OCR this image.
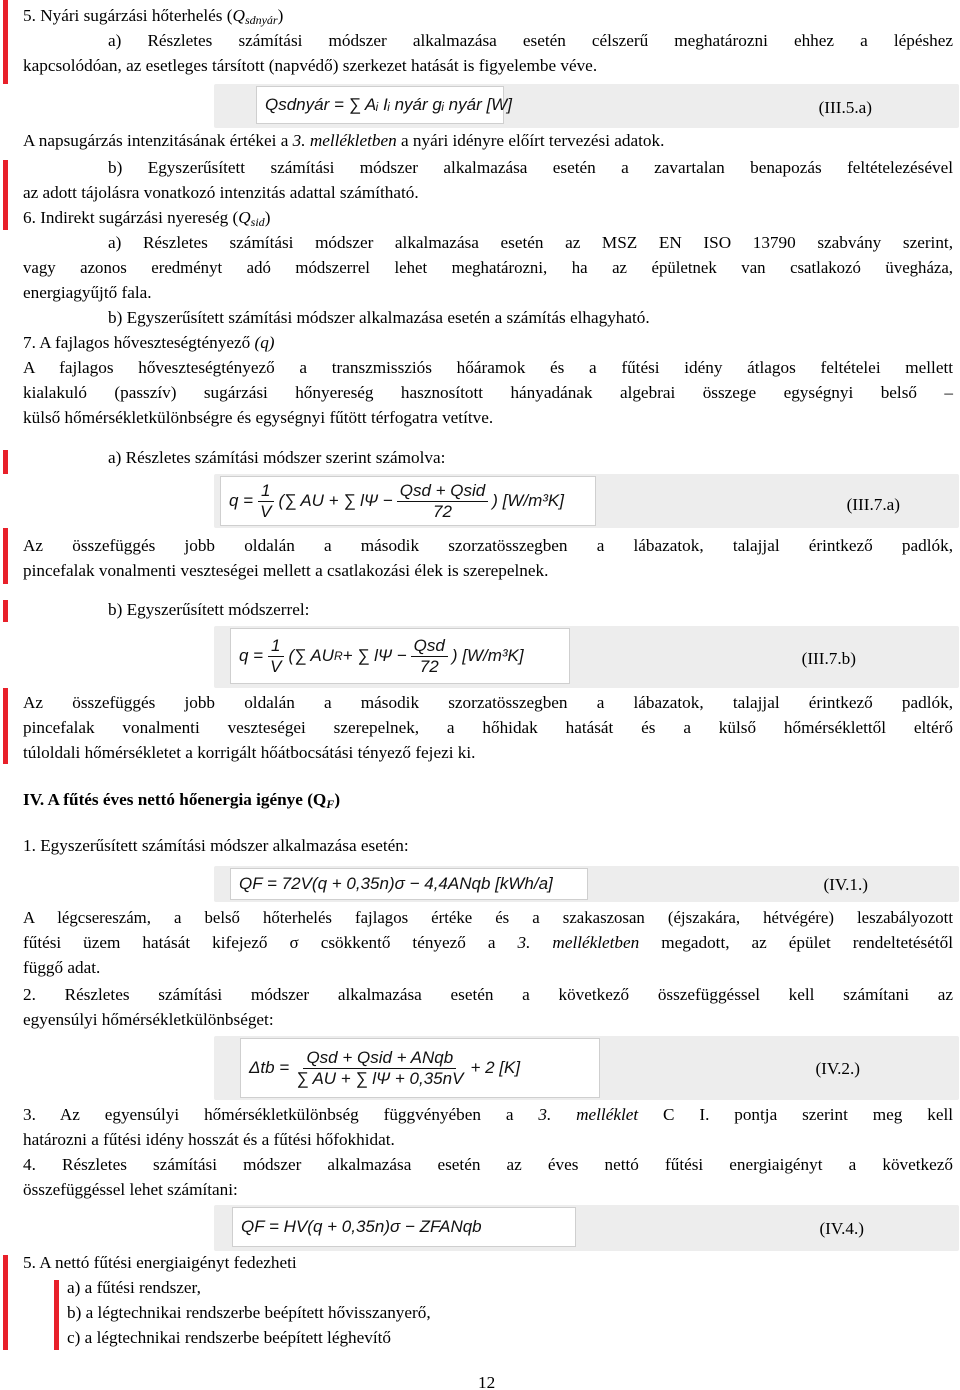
5. Nyári sugárzási hőterhelés $(Q_{sdnyár})$
a) Részletes számítási módszer alkalmazása esetén célszerű meghatározni ehhez a lépéshez
kapcsolódóan, az esetleges társított (napvédő) szerkezet hatását is figyelembe véve.
Qsdnyár = ∑ Aᵢ Iᵢ nyár gᵢ nyár [W]	(III.5.a)
A napsugárzás intenzitásának értékei a 3. mellékletben a nyári idényre előírt tervezési adatok.
b) Egyszerűsített számítási módszer alkalmazása esetén a zavartalan benapozás feltételezésével
az adott tájolásra vonatkozó intenzitás adattal számítható.
6. Indirekt sugárzási nyereség $(Q_{sid})$
a) Részletes számítási módszer alkalmazása esetén az MSZ EN ISO 13790 szabvány szerint,
vagy azonos eredményt adó módszerrel lehet meghatározni, ha az épületnek van csatlakozó üvegháza,
energiagyűjtő fala.
b) Egyszerűsített számítási módszer alkalmazása esetén a számítás elhagyható.
7. A fajlagos hőveszteségtényező (q)
A fajlagos hőveszteségtényező a transzmissziós hőáramok és a fűtési idény átlagos feltételei mellett
kialakuló (passzív) sugárzási hőnyereség hasznosított hányadának algebrai összege egységnyi belső –
külső hőmérsékletkülönbségre és egységnyi fűtött térfogatra vetítve.
a) Részletes számítási módszer szerint számolva:
$q = \frac{1}{V}$ (∑ AU + ∑ $l\Psi - \frac{\text{Qsd + Qsid}}{72}$ ) [W/m³K]	(III.7.a)
Az összefüggés jobb oldalán a második szorzatösszegben a lábazatok, talajjal érintkező padlók,
pincefalak vonalmenti veszteségei mellett a csatlakozási élek is szerepelnek.
b) Egyszerűsített módszerrel:
$q = \frac{1}{V}$ (∑ AU R + ∑ $l\Psi - \frac{\text{Qsd}}{72}$ ) [W/m³K]	(III.7.b)
Az összefüggés jobb oldalán a második szorzatösszegben a lábazatok, talajjal érintkező padlók,
pincefalak vonalmenti veszteségei szerepelnek, a hőhidak hatását és a külső hőmérséklettől eltérő
túloldali hőmérsékletet a korrigált hőátbocsátási tényező fejezi ki.
IV. A fűtés éves nettó hőenergia igénye $(Q_F)$
1. Egyszerűsített számítási módszer alkalmazása esetén:
QF = 72V(q + 0,35n)σ − 4,4ANqb [kWh/a]	(IV.1.)
A légcsereszám, a belső hőterhelés fajlagos értéke és a szakaszosan (éjszakára, hétvégére) leszabályozott
fűtési üzem hatását kifejező σ csökkentő tényező a 3. mellékletben megadott, az épület rendeltetésétől
függő adat.
2. Részletes számítási módszer alkalmazása esetén a következő összefüggéssel kell számítani az
egyensúlyi hőmérsékletkülönbséget:
$\Delta tb = \frac{\text{Qsd + Qsid + ANqb}}{\sum AU + \sum l\Psi + 0,35nV} + 2$ [K]	(IV.2.)
3. Az egyensúlyi hőmérsékletkülönbség függvényében a 3. melléklet C I. pontja szerint meg kell
határozni a fűtési idény hosszát és a fűtési hőfokhidat.
4. Részletes számítási módszer alkalmazása esetén az éves nettó fűtési energiaigényt a következő
összefüggéssel lehet számítani:
QF = HV(q + 0,35n)σ − ZFANqb	(IV.4.)
5. A nettó fűtési energiaigényt fedezheti
a) a fűtési rendszer,
b) a légtechnikai rendszerbe beépített hővisszanyerő,
c) a légtechnikai rendszerbe beépített léghevítő
12
